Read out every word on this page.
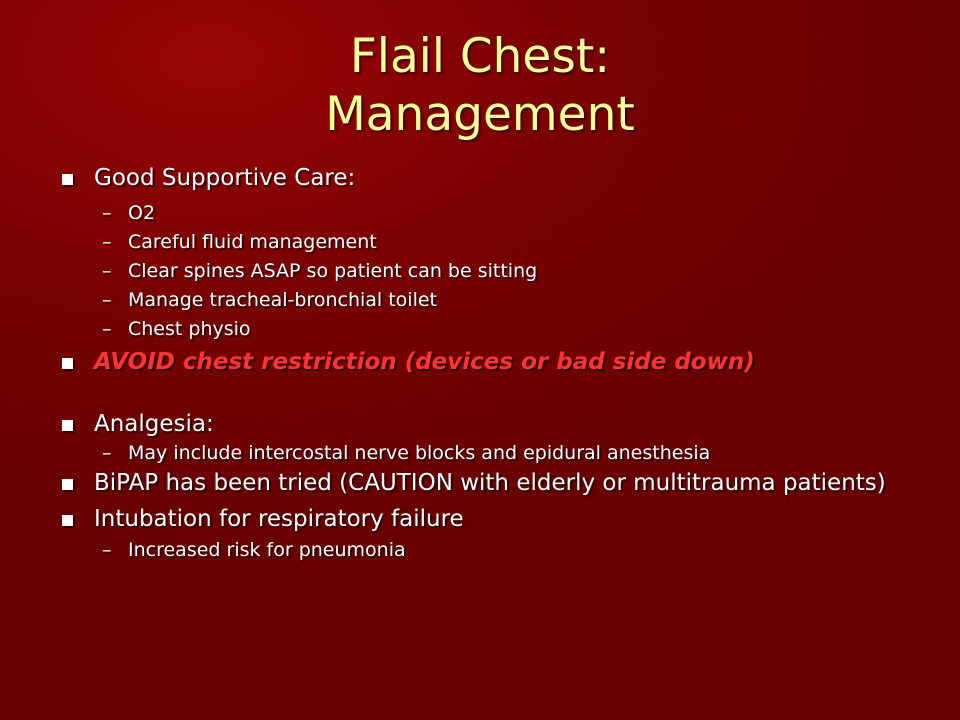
Flail Chest:
Management
Good Supportive Care:
– O2
– Careful fluid management
– Clear spines ASAP so patient can be sitting
– Manage tracheal-bronchial toilet
– Chest physio
AVOID chest restriction (devices or bad side down)
Analgesia:
– May include intercostal nerve blocks and epidural anesthesia
BiPAP has been tried (CAUTION with elderly or multitrauma patients)
Intubation for respiratory failure
– Increased risk for pneumonia
